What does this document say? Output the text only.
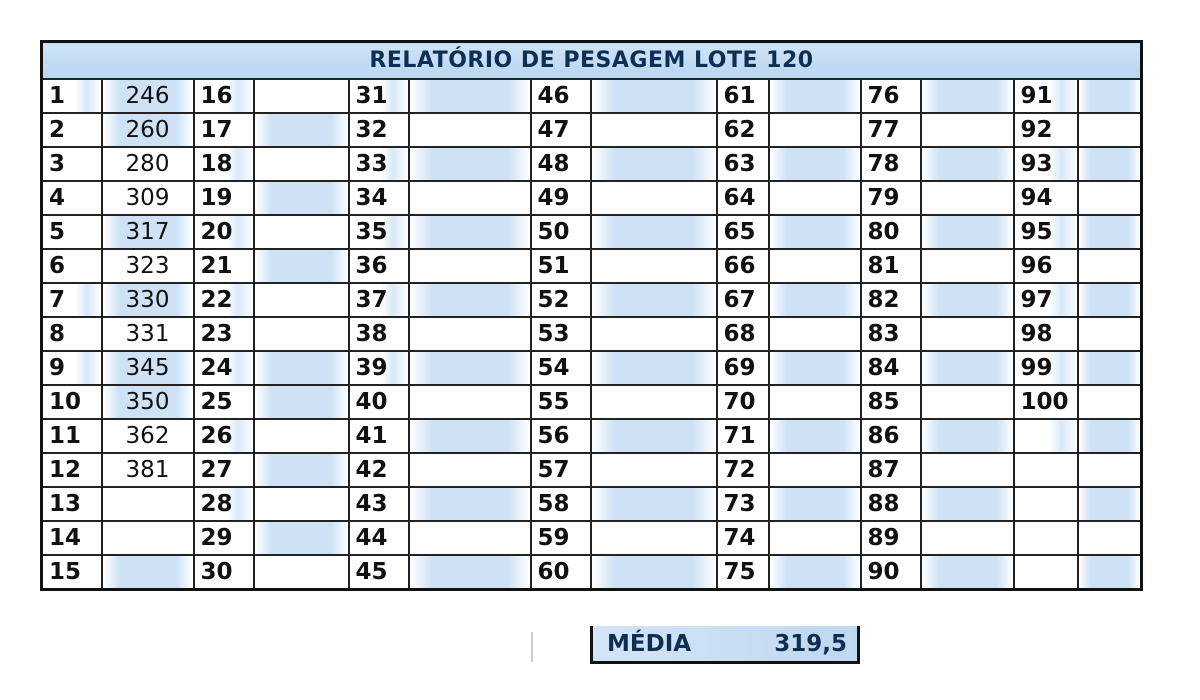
RELATÓRIO DE PESAGEM LOTE 120													
1	246	16		31		46		61		76		91	
2	260	17		32		47		62		77		92	
3	280	18		33		48		63		78		93	
4	309	19		34		49		64		79		94	
5	317	20		35		50		65		80		95	
6	323	21		36		51		66		81		96	
7	330	22		37		52		67		82		97	
8	331	23		38		53		68		83		98	
9	345	24		39		54		69		84		99	
10	350	25		40		55		70		85		100	
11	362	26		41		56		71		86			
12	381	27		42		57		72		87			
13		28		43		58		73		88			
14		29		44		59		74		89			
15		30		45		60		75		90			
MÉDIA	319,5
